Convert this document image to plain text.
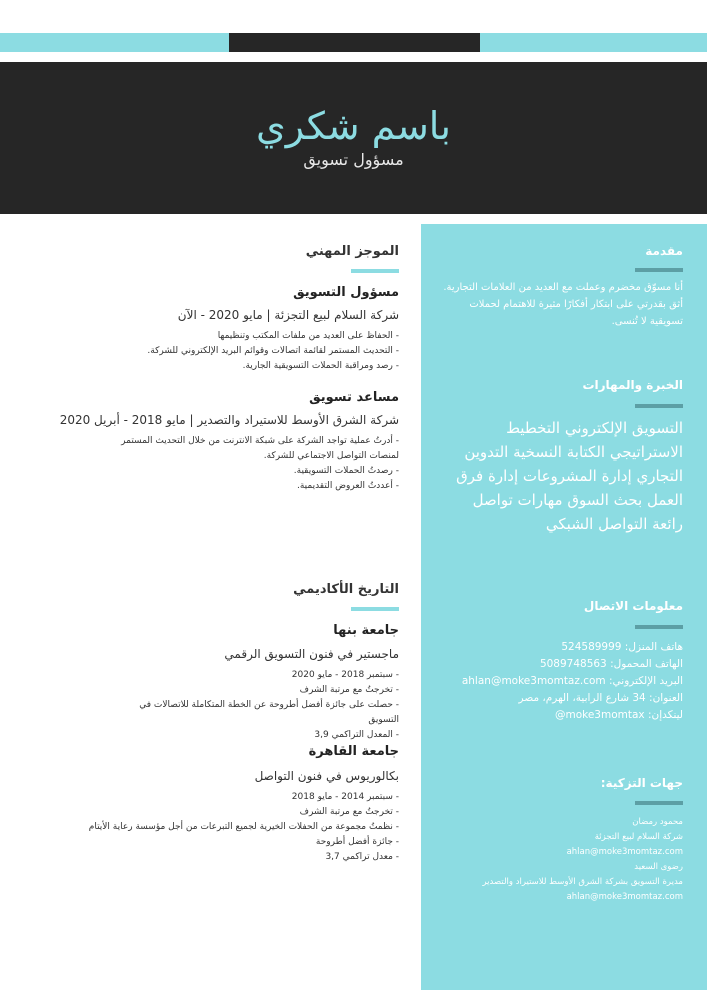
باسم شكري
مسؤول تسويق
الموجز المهني
مسؤول التسويق
شركة السلام لبيع التجزئة | مايو 2020 - الآن
- الحفاظ على العديد من ملفات المكتب وتنظيمها
- التحديث المستمر لقائمة اتصالات وقوائم البريد الإلكتروني للشركة.
- رصد ومراقبة الحملات التسويقية الجارية.
مساعد تسويق
شركة الشرق الأوسط للاستيراد والتصدير | مايو 2018 - أبريل 2020
- أدرتُ عملية تواجد الشركة على شبكة الانترنت من خلال التحديث المستمر لمنصات التواصل الاجتماعي للشركة.
- رصدتُ الحملات التسويقية.
- أعددتُ العروض التقديمية.
التاريخ الأكاديمي
جامعة بنها
ماجستير في فنون التسويق الرقمي
- سبتمبر 2018 - مايو 2020
- تخرجتُ مع مرتبة الشرف
- حصلت على جائزة أفضل أطروحة عن الخطة المتكاملة للاتصالات في التسويق
- المعدل التراكمي 3,9
جامعة القاهرة
بكالوريوس في فنون التواصل
- سبتمبر 2014 - مايو 2018
- تخرجتُ مع مرتبة الشرف
- نظمتُ مجموعة من الحفلات الخيرية لجميع التبرعات من أجل مؤسسة رعاية الأيتام
- جائزة أفضل أطروحة
- معدل تراكمي 3,7
مقدمة
أنا مسوّق مخضرم وعملت مع العديد من العلامات التجارية. أثق بقدرتي على ابتكار أفكارًا مثيرة للاهتمام لحملات تسويقية لا تُنسى.
الخبرة والمهارات
التسويق الإلكتروني التخطيط الاستراتيجي الكتابة النسخية التدوين التجاري إدارة المشروعات إدارة فرق العمل بحث السوق مهارات تواصل رائعة التواصل الشبكي
معلومات الاتصال
هاتف المنزل: 524589999
الهاتف المحمول: 5089748563
البريد الإلكتروني: ahlan@moke3momtaz.com
العنوان: 34 شارع الرابية، الهرم، مصر
لينكدإن: moke3momtax@
جهات التزكية:
محمود رمضان
شركة السلام لبيع التجزئة
ahlan@moke3momtaz.com
رضوى السعيد
مديرة التسويق بشركة الشرق الأوسط للاستيراد والتصدير
ahlan@moke3momtaz.com
